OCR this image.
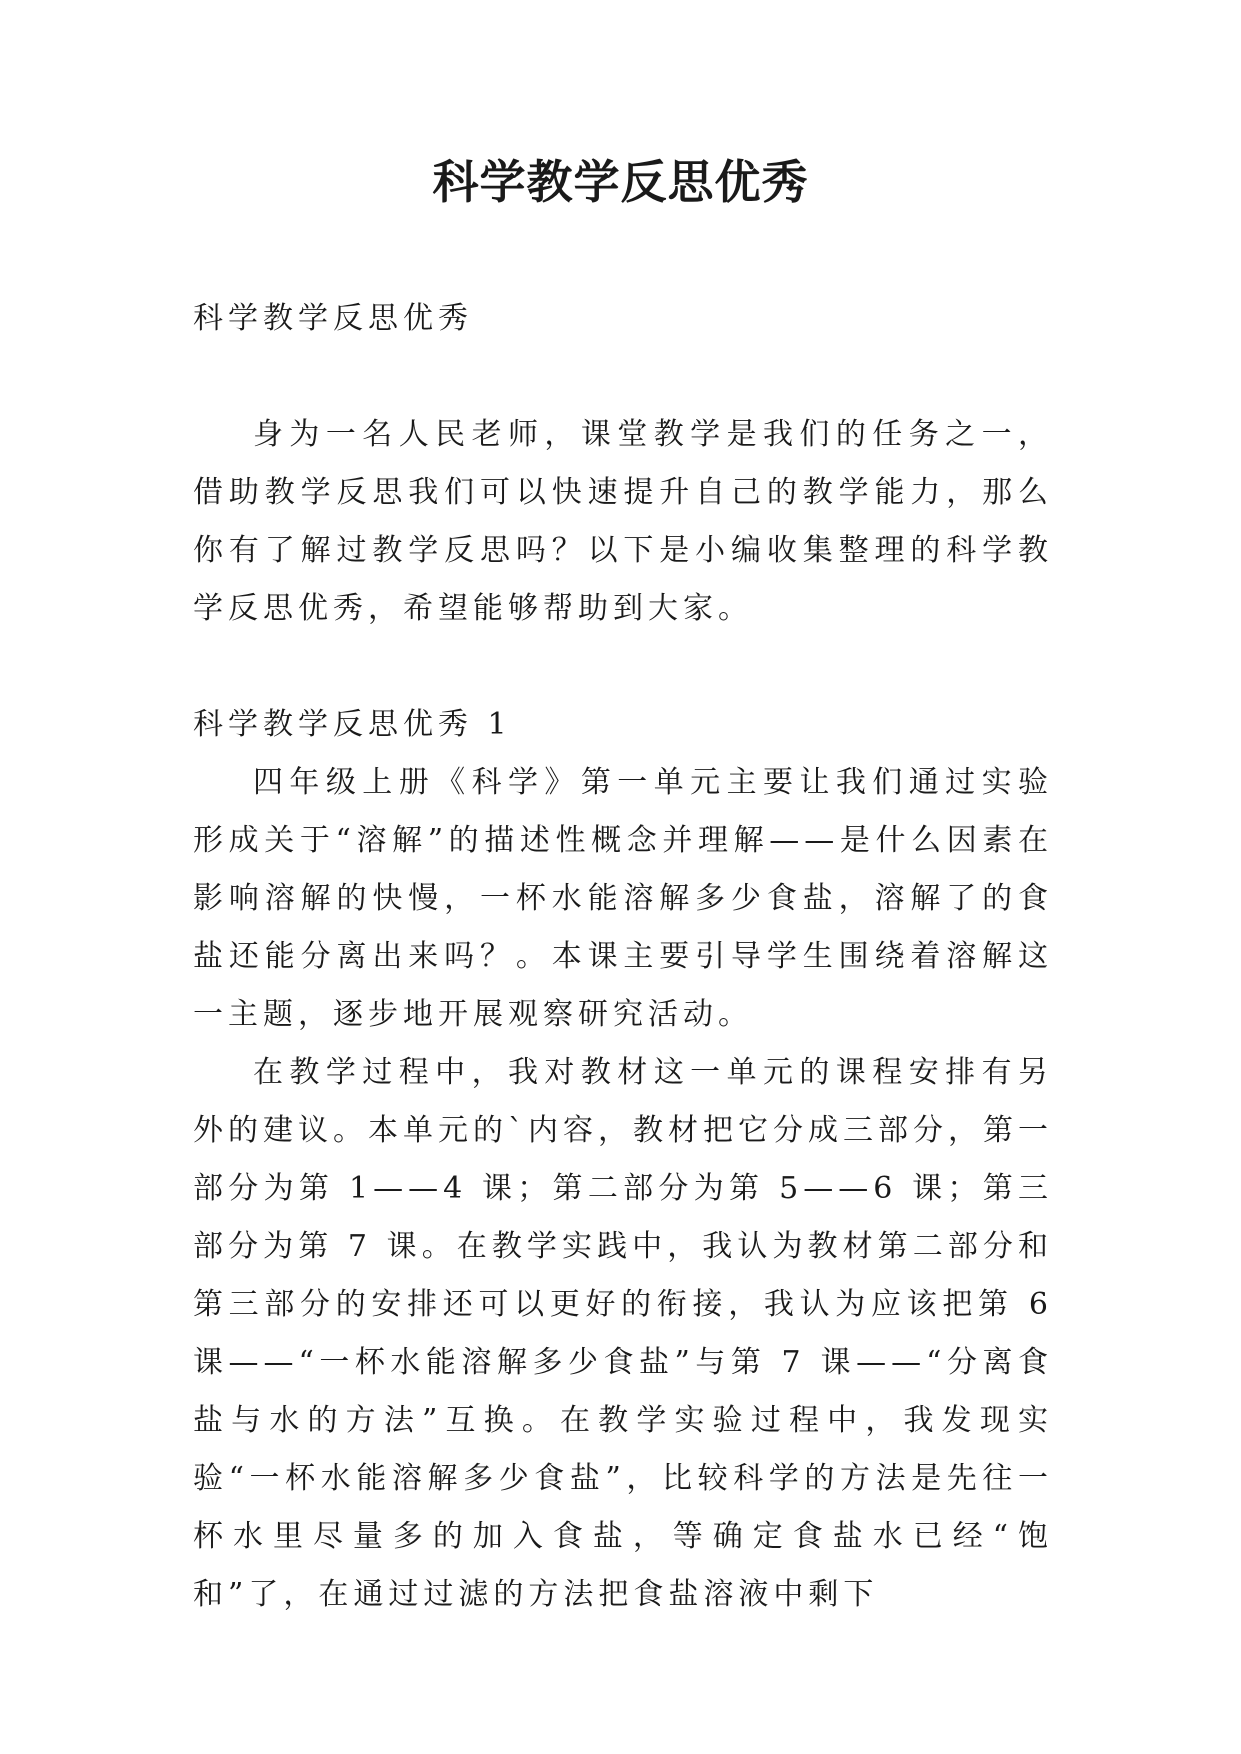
科学教学反思优秀

科学教学反思优秀

身为一名人民老师，课堂教学是我们的任务之一，借助教学反思我们可以快速提升自己的教学能力，那么你有了解过教学反思吗？以下是小编收集整理的科学教学反思优秀，希望能够帮助到大家。

科学教学反思优秀 1

四年级上册《科学》第一单元主要让我们通过实验形成关于“溶解”的描述性概念并理解——是什么因素在影响溶解的快慢，一杯水能溶解多少食盐，溶解了的食盐还能分离出来吗？。本课主要引导学生围绕着溶解这一主题，逐步地开展观察研究活动。

在教学过程中，我对教材这一单元的课程安排有另外的建议。本单元的`内容，教材把它分成三部分，第一部分为第 1——4 课；第二部分为第 5——6 课；第三部分为第 7 课。在教学实践中，我认为教材第二部分和第三部分的安排还可以更好的衔接，我认为应该把第 6 课——“一杯水能溶解多少食盐”与第 7 课——“分离食盐与水的方法”互换。在教学实验过程中，我发现实验“一杯水能溶解多少食盐”，比较科学的方法是先往一杯水里尽量多的加入食盐，等确定食盐水已经“饱和”了，在通过过滤的方法把食盐溶液中剩下
